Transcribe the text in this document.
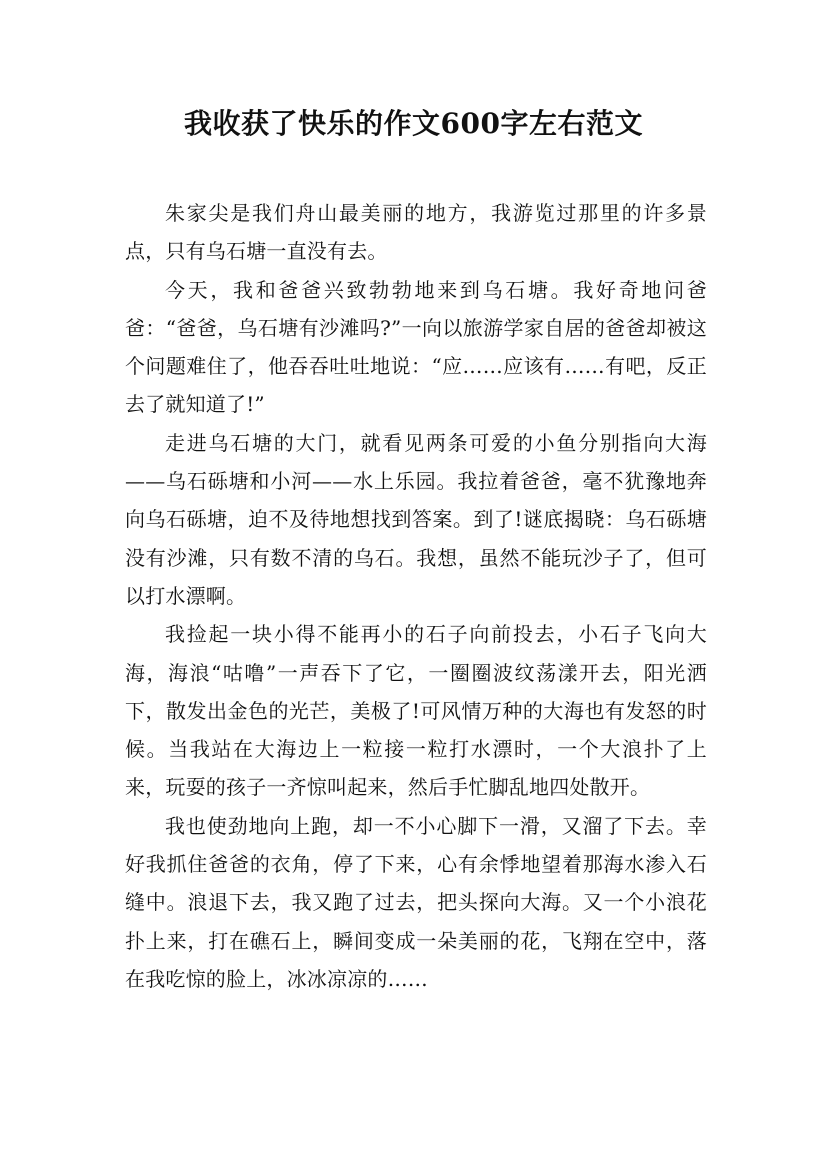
我收获了快乐的作文600字左右范文

朱家尖是我们舟山最美丽的地方，我游览过那里的许多景点，只有乌石塘一直没有去。

今天，我和爸爸兴致勃勃地来到乌石塘。我好奇地问爸爸：“爸爸，乌石塘有沙滩吗?”一向以旅游学家自居的爸爸却被这个问题难住了，他吞吞吐吐地说：“应……应该有……有吧，反正去了就知道了!”

走进乌石塘的大门，就看见两条可爱的小鱼分别指向大海——乌石砾塘和小河——水上乐园。我拉着爸爸，毫不犹豫地奔向乌石砾塘，迫不及待地想找到答案。到了!谜底揭晓：乌石砾塘没有沙滩，只有数不清的乌石。我想，虽然不能玩沙子了，但可以打水漂啊。

我捡起一块小得不能再小的石子向前投去，小石子飞向大海，海浪“咕噜”一声吞下了它，一圈圈波纹荡漾开去，阳光洒下，散发出金色的光芒，美极了!可风情万种的大海也有发怒的时候。当我站在大海边上一粒接一粒打水漂时，一个大浪扑了上来，玩耍的孩子一齐惊叫起来，然后手忙脚乱地四处散开。

我也使劲地向上跑，却一不小心脚下一滑，又溜了下去。幸好我抓住爸爸的衣角，停了下来，心有余悸地望着那海水渗入石缝中。浪退下去，我又跑了过去，把头探向大海。又一个小浪花扑上来，打在礁石上，瞬间变成一朵美丽的花，飞翔在空中，落在我吃惊的脸上，冰冰凉凉的……
